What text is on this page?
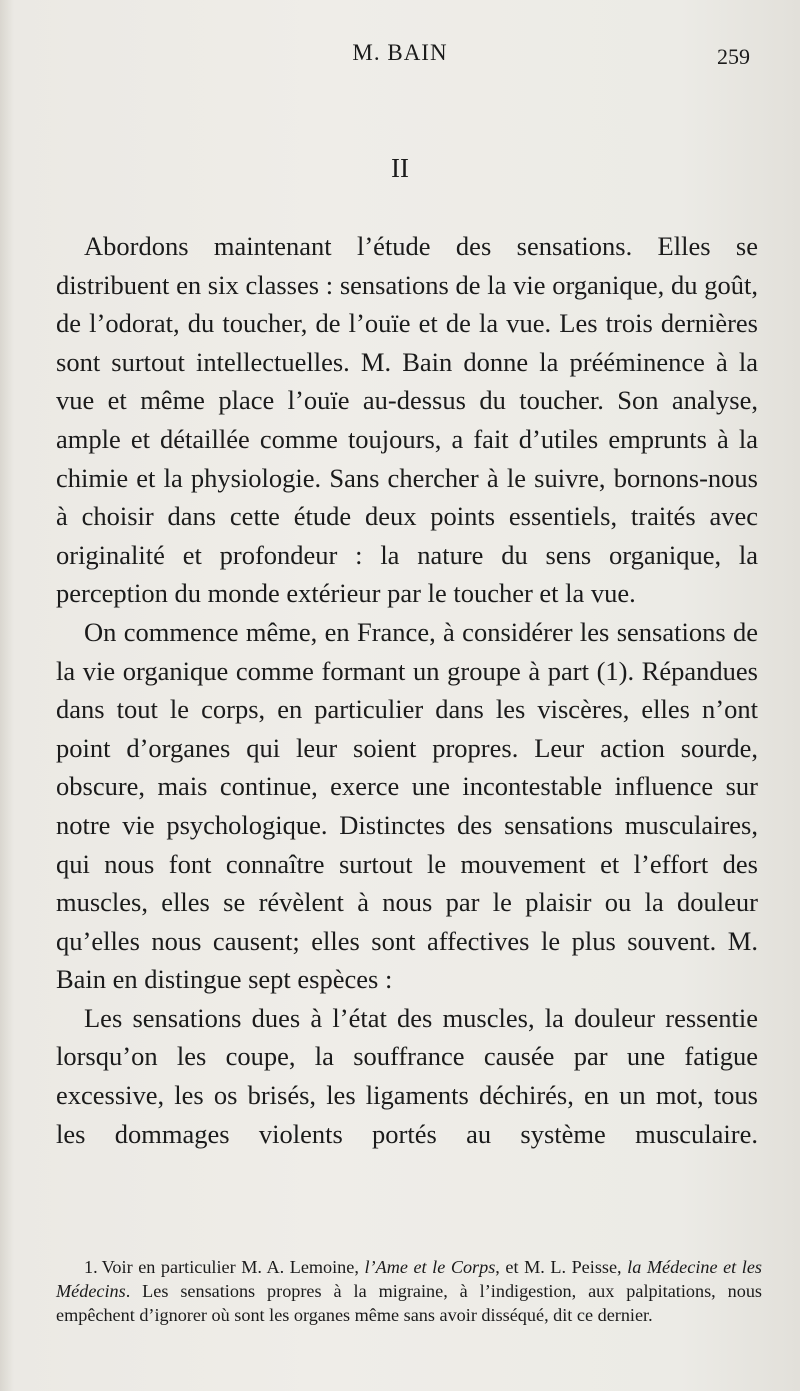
M. BAIN	259
II

Abordons maintenant l’étude des sensations. Elles se distribuent en six classes : sensations de la vie organique, du goût, de l’odorat, du toucher, de l’ouïe et de la vue. Les trois dernières sont surtout intellectuelles. M. Bain donne la prééminence à la vue et même place l’ouïe au-dessus du toucher. Son analyse, ample et détaillée comme toujours, a fait d’utiles emprunts à la chimie et la physiologie. Sans chercher à le suivre, bornons-nous à choisir dans cette étude deux points essentiels, traités avec originalité et profondeur : la nature du sens organique, la perception du monde extérieur par le toucher et la vue.

On commence même, en France, à considérer les sensations de la vie organique comme formant un groupe à part (1). Répandues dans tout le corps, en particulier dans les viscères, elles n’ont point d’organes qui leur soient propres. Leur action sourde, obscure, mais continue, exerce une incontestable influence sur notre vie psychologique. Distinctes des sensations musculaires, qui nous font connaître surtout le mouvement et l’effort des muscles, elles se révèlent à nous par le plaisir ou la douleur qu’elles nous causent; elles sont affectives le plus souvent. M. Bain en distingue sept espèces :

Les sensations dues à l’état des muscles, la douleur ressentie lorsqu’on les coupe, la souffrance causée par une fatigue excessive, les os brisés, les ligaments déchirés, en un mot, tous les dommages violents portés au système musculaire.

1. Voir en particulier M. A. Lemoine, l’Ame et le Corps, et M. L. Peisse, la Médecine et les Médecins. Les sensations propres à la migraine, à l’indigestion, aux palpitations, nous empêchent d’ignorer où sont les organes même sans avoir disséqué, dit ce dernier.
